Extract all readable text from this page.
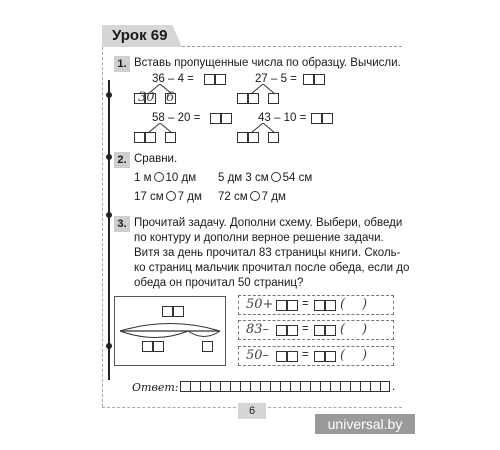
Урок 69
1. Вставь пропущенные числа по образцу. Вычисли.
36 – 4 =
30 6
27 – 5 =
58 – 20 =	43 – 10 =
2. Сравни.
1 м 10 дм 5 дм 3 см 54 см
17 см 7 дм 72 см 7 дм
3. Прочитай задачу. Дополни схему. Выбери, обведи
по контуру и дополни верное решение задачи.
Витя за день прочитал 83 страницы книги. Сколь-
ко страниц мальчик прочитал после обеда, если до
обеда он прочитал 50 страниц?
50+ = ( )
83–	= ( )
50–	= ( )
Ответ:	.
6
universal.by
